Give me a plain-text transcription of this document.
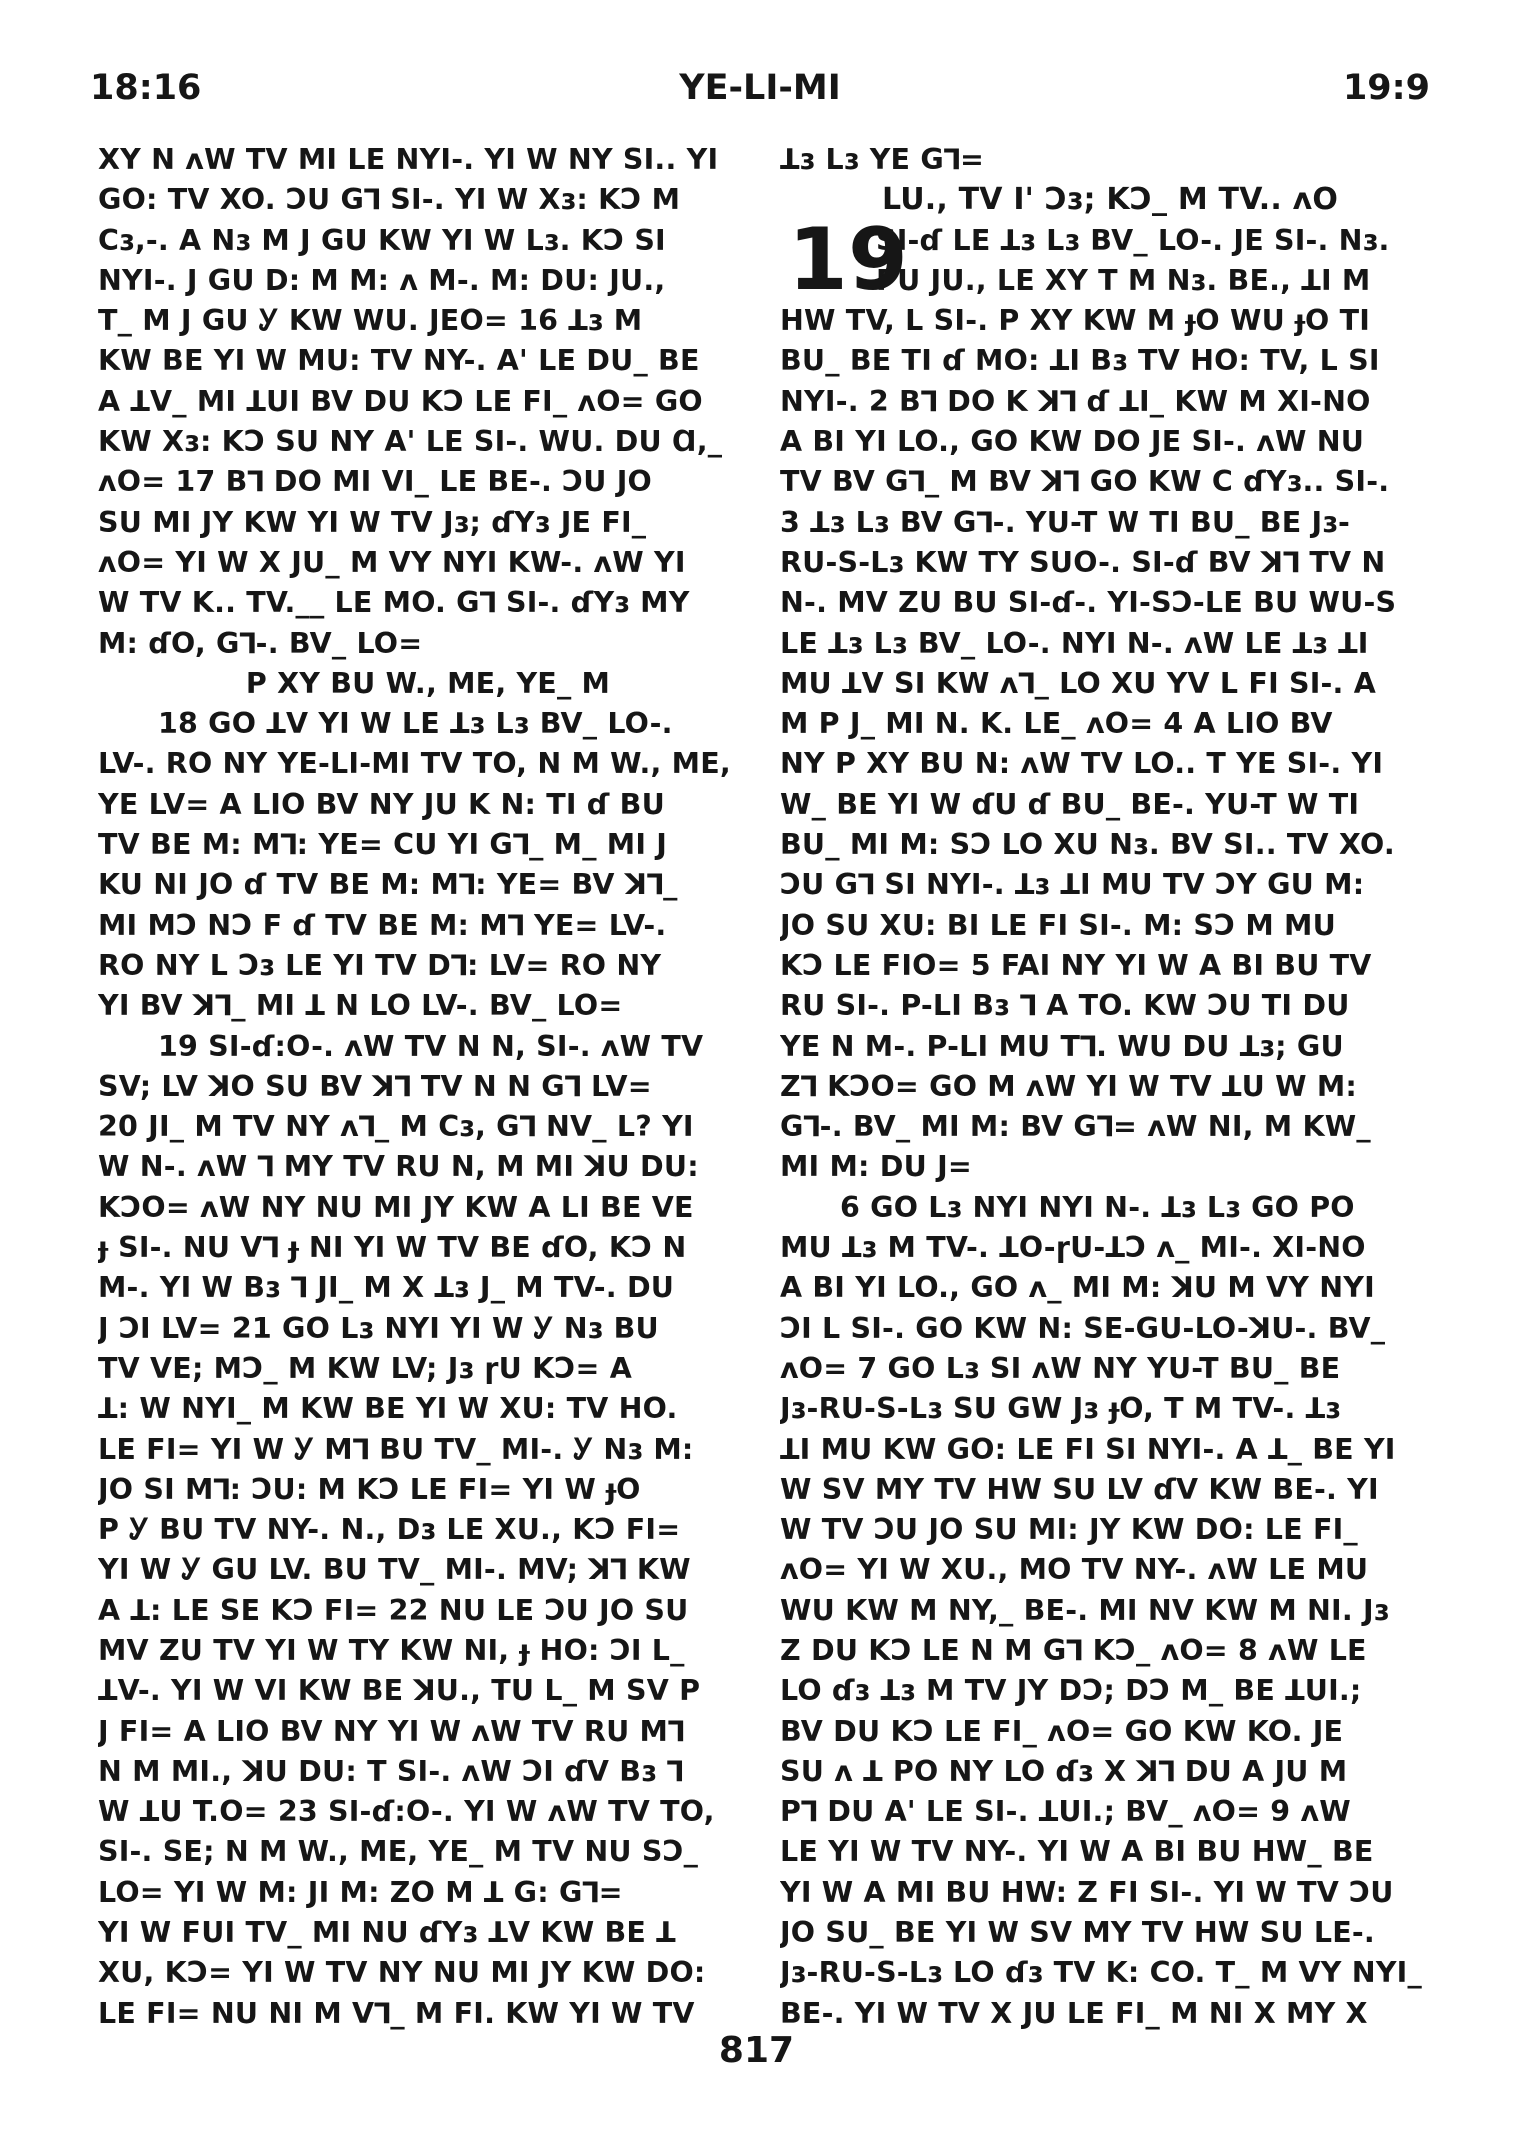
YE-LI-MI
18:16	19:9
XY N ʌW TV MI LE NYI-. YI W NY SI.. YI
GO: TV XO. ƆU Gꓶ SI-. YI W Xɜ: KƆ M
Cɜ,-. A Nɜ M J GU KW YI W Lɜ. KƆ SI
NYI-. J GU D: M M: ʌ M-. M: DU: JU.,
T_ M J GU Ꭹ KW WU. JEO= 16 ꓕɜ M
KW BE YI W MU: TV NY-. A' LE DU_ BE
A ꓕV_ MI ꓕUI BV DU KƆ LE FI_ ʌO= GO
KW Xɜ: KƆ SU NY A' LE SI-. WU. DU Ɑ,_
ʌO= 17 Bꓶ DO MI VI_ LE BE-. ƆU JO
SU MI JY KW YI W TV Jɜ; ɗYɜ JE FI_
ʌO= YI W X JU_ M VY NYI KW-. ʌW YI
W TV K.. TV.__ LE MO. Gꓶ SI-. ɗYɜ MY
M: ɗO, Gꓶ-. BV_ LO=
P XY BU W., ME, YE_ M
18 GO ꓕV YI W LE ꓕɜ Lɜ BV_ LO-.
LV-. RO NY YE-LI-MI TV TO, N M W., ME,
YE LV= A LIO BV NY JU K N: TI ɗ BU
TV BE M: Mꓶ: YE= CU YI Gꓶ_ M_ MI J
KU NI JO ɗ TV BE M: Mꓶ: YE= BV ꓘꓶ_
MI MƆ NƆ F ɗ TV BE M: Mꓶ YE= LV-.
RO NY L Ɔɜ LE YI TV Dꓶ: LV= RO NY
YI BV ꓘꓶ_ MI ꓕ N LO LV-. BV_ LO=
19 SI-ɗ:O-. ʌW TV N N, SI-. ʌW TV
SV; LV ꓘO SU BV ꓘꓶ TV N N Gꓶ LV=
20 JI_ M TV NY ʌꓶ_ M Cɜ, Gꓶ NV_ L? YI
W N-. ʌW ꓶ MY TV RU N, M MI ꓘU DU:
KƆO= ʌW NY NU MI JY KW A LI BE VE
ɟ SI-. NU Vꓶ ɟ NI YI W TV BE ɗO, KƆ N
M-. YI W Bɜ ꓶ JI_ M X ꓕɜ J_ M TV-. DU
J ƆI LV= 21 GO Lɜ NYI YI W Ꭹ Nɜ BU
TV VE; MƆ_ M KW LV; Jɜ ɼU KƆ= A
ꓕ: W NYI_ M KW BE YI W XU: TV HO.
LE FI= YI W Ꭹ Mꓶ BU TV_ MI-. Ꭹ Nɜ M:
JO SI Mꓶ: ƆU: M KƆ LE FI= YI W ɟO
P Ꭹ BU TV NY-. N., Dɜ LE XU., KƆ FI=
YI W Ꭹ GU LV. BU TV_ MI-. MV; ꓘꓶ KW
A ꓕ: LE SE KƆ FI= 22 NU LE ƆU JO SU
MV ZU TV YI W TY KW NI, ɟ HO: ƆI L_
ꓕV-. YI W VI KW BE ꓘU., TU L_ M SV P
J FI= A LIO BV NY YI W ʌW TV RU Mꓶ
N M MI., ꓘU DU: T SI-. ʌW ƆI ɗV Bɜ ꓶ
W ꓕU T.O= 23 SI-ɗ:O-. YI W ʌW TV TO,
SI-. SE; N M W., ME, YE_ M TV NU SƆ_
LO= YI W M: JI M: ZO M ꓕ G: Gꓶ=
YI W FUI TV_ MI NU ɗYɜ ꓕV KW BE ꓕ
XU, KƆ= YI W TV NY NU MI JY KW DO:
LE FI= NU NI M Vꓶ_ M FI. KW YI W TV
ꓕɜ Lɜ YE Gꓶ=
LU., TV I' Ɔɜ; KƆ_ M TV.. ʌO
19
SI-ɗ LE ꓕɜ Lɜ BV_ LO-. JE SI-. Nɜ.
PU JU., LE XY T M Nɜ. BE., ꓕI M
HW TV, L SI-. P XY KW M ɟO WU ɟO TI
BU_ BE TI ɗ MO: ꓕI Bɜ TV HO: TV, L SI
NYI-. 2 Bꓶ DO K ꓘꓶ ɗ ꓕI_ KW M XI-NO
A BI YI LO., GO KW DO JE SI-. ʌW NU
TV BV Gꓶ_ M BV ꓘꓶ GO KW C ɗYɜ.. SI-.
3 ꓕɜ Lɜ BV Gꓶ-. YU-T W TI BU_ BE Jɜ-
RU-S-Lɜ KW TY SUO-. SI-ɗ BV ꓘꓶ TV N
N-. MV ZU BU SI-ɗ-. YI-SƆ-LE BU WU-S
LE ꓕɜ Lɜ BV_ LO-. NYI N-. ʌW LE ꓕɜ ꓕI
MU ꓕV SI KW ʌꓶ_ LO XU YV L FI SI-. A
M P J_ MI N. K. LE_ ʌO= 4 A LIO BV
NY P XY BU N: ʌW TV LO.. T YE SI-. YI
W_ BE YI W ɗU ɗ BU_ BE-. YU-T W TI
BU_ MI M: SƆ LO XU Nɜ. BV SI.. TV XO.
ƆU Gꓶ SI NYI-. ꓕɜ ꓕI MU TV ƆY GU M:
JO SU XU: BI LE FI SI-. M: SƆ M MU
KƆ LE FIO= 5 FAI NY YI W A BI BU TV
RU SI-. P-LI Bɜ ꓶ A TO. KW ƆU TI DU
YE N M-. P-LI MU Tꓶ. WU DU ꓕɜ; GU
Zꓶ KƆO= GO M ʌW YI W TV ꓕU W M:
Gꓶ-. BV_ MI M: BV Gꓶ= ʌW NI, M KW_
MI M: DU J=
6 GO Lɜ NYI NYI N-. ꓕɜ Lɜ GO PO
MU ꓕɜ M TV-. ꓕO-ɼU-ꓕƆ ʌ_ MI-. XI-NO
A BI YI LO., GO ʌ_ MI M: ꓘU M VY NYI
ƆI L SI-. GO KW N: SE-GU-LO-ꓘU-. BV_
ʌO= 7 GO Lɜ SI ʌW NY YU-T BU_ BE
Jɜ-RU-S-Lɜ SU GW Jɜ ɟO, T M TV-. ꓕɜ
ꓕI MU KW GO: LE FI SI NYI-. A ꓕ_ BE YI
W SV MY TV HW SU LV ɗV KW BE-. YI
W TV ƆU JO SU MI: JY KW DO: LE FI_
ʌO= YI W XU., MO TV NY-. ʌW LE MU
WU KW M NY,_ BE-. MI NV KW M NI. Jɜ
Z DU KƆ LE N M Gꓶ KƆ_ ʌO= 8 ʌW LE
LO ɗɜ ꓕɜ M TV JY DƆ; DƆ M_ BE ꓕUI.;
BV DU KƆ LE FI_ ʌO= GO KW KO. JE
SU ʌ ꓕ PO NY LO ɗɜ X ꓘꓶ DU A JU M
Pꓶ DU A' LE SI-. ꓕUI.; BV_ ʌO= 9 ʌW
LE YI W TV NY-. YI W A BI BU HW_ BE
YI W A MI BU HW: Z FI SI-. YI W TV ƆU
JO SU_ BE YI W SV MY TV HW SU LE-.
Jɜ-RU-S-Lɜ LO ɗɜ TV K: CO. T_ M VY NYI_
BE-. YI W TV X JU LE FI_ M NI X MY X
817
